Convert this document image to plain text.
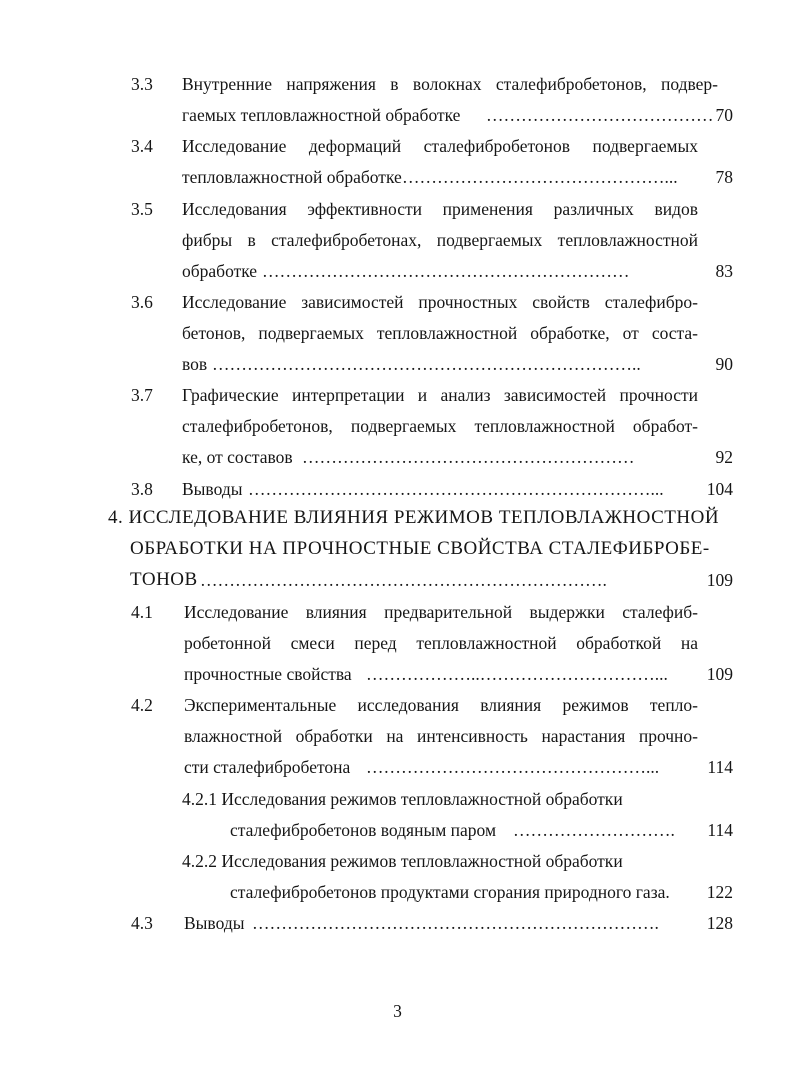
3.3 Внутренние напряжения в волокнах сталефибробетонов, подвер-
гаемых тепловлажностной обработке ………………………………… 70
3.4 Исследование деформаций сталефибробетонов подвергаемых
тепловлажностной обработке ………………………………………...	78
3.5 Исследования эффективности применения различных видов
фибры в сталефибробетонах, подвергаемых тепловлажностной
обработке ………………………………………………………	83
3.6 Исследование зависимостей прочностных свойств сталефибро-
бетонов, подвергаемых тепловлажностной обработке, от соста-
вов ………………………………………………………………..	90
3.7 Графические интерпретации и анализ зависимостей прочности
сталефибробетонов, подвергаемых тепловлажностной обработ-
ке, от составов …………………………………………………	92
3.8 Выводы ……………………………………………………………...	104
4. ИССЛЕДОВАНИЕ ВЛИЯНИЯ РЕЖИМОВ ТЕПЛОВЛАЖНОСТНОЙ
ОБРАБОТКИ НА ПРОЧНОСТНЫЕ СВОЙСТВА СТАЛЕФИБРОБЕ-
ТОНОВ …………………………………………………………….	109
4.1 Исследование влияния предварительной выдержки сталефиб-
робетонной смеси перед тепловлажностной обработкой на
прочностные свойства ………………..…………………………...	109
4.2 Экспериментальные исследования влияния режимов тепло-
влажностной обработки на интенсивность нарастания прочно-
сти сталефибробетона …………………………………………...	114
4.2.1 Исследования режимов тепловлажностной обработки
сталефибробетонов водяным паром ……………………….	114
4.2.2 Исследования режимов тепловлажностной обработки
сталефибробетонов продуктами сгорания природного газа. 122
4.3 Выводы …………………………………………………………….	128
3
